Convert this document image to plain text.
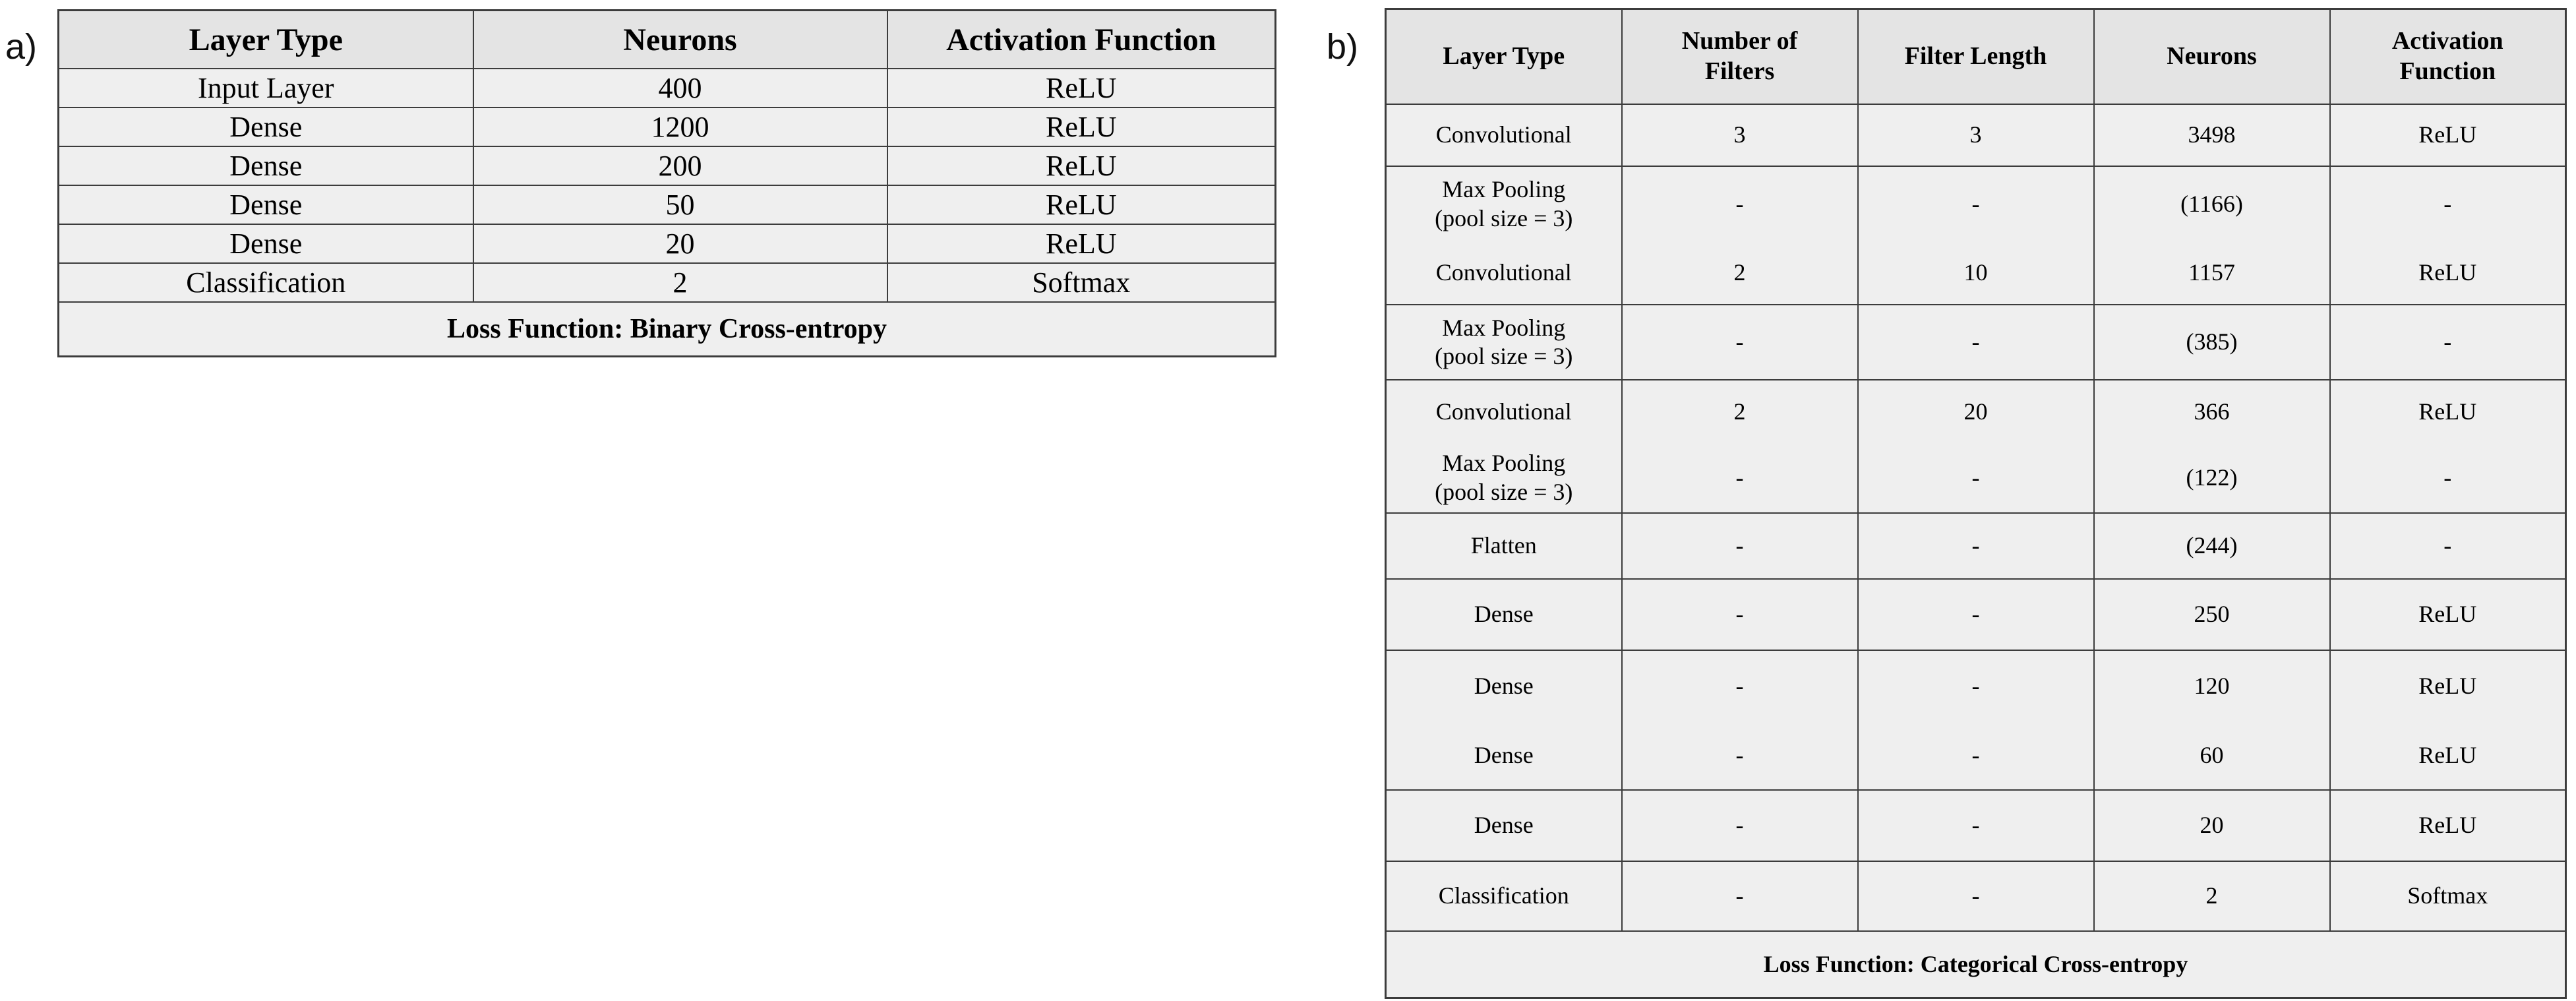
a)	b)
Layer Type	Neurons	Activation Function
Input Layer	400	ReLU
Dense	1200	ReLU
Dense	200	ReLU
Dense	50	ReLU
Dense	20	ReLU
Classification	2	Softmax
Loss Function: Binary Cross-entropy		
Layer Type	Number of Filters	Filter Length	Neurons	Activation Function
Convolutional	3	3	3498	ReLU

Max Pooling
(pool size = 3)	-	-	(1166)	-
Convolutional	2	10	1157	ReLU

Max Pooling
(pool size = 3)	-	-	(385)	-
Convolutional	2	20	366	ReLU

Max Pooling
(pool size = 3)	-	-	(122)	-
Flatten	-	-	(244)	-
Dense	-	-	250	ReLU
Dense	-	-	120	ReLU
Dense	-	-	60	ReLU
Dense	-	-	20	ReLU
Classification	-	-	2	Softmax
Loss Function: Categorical Cross-entropy				
